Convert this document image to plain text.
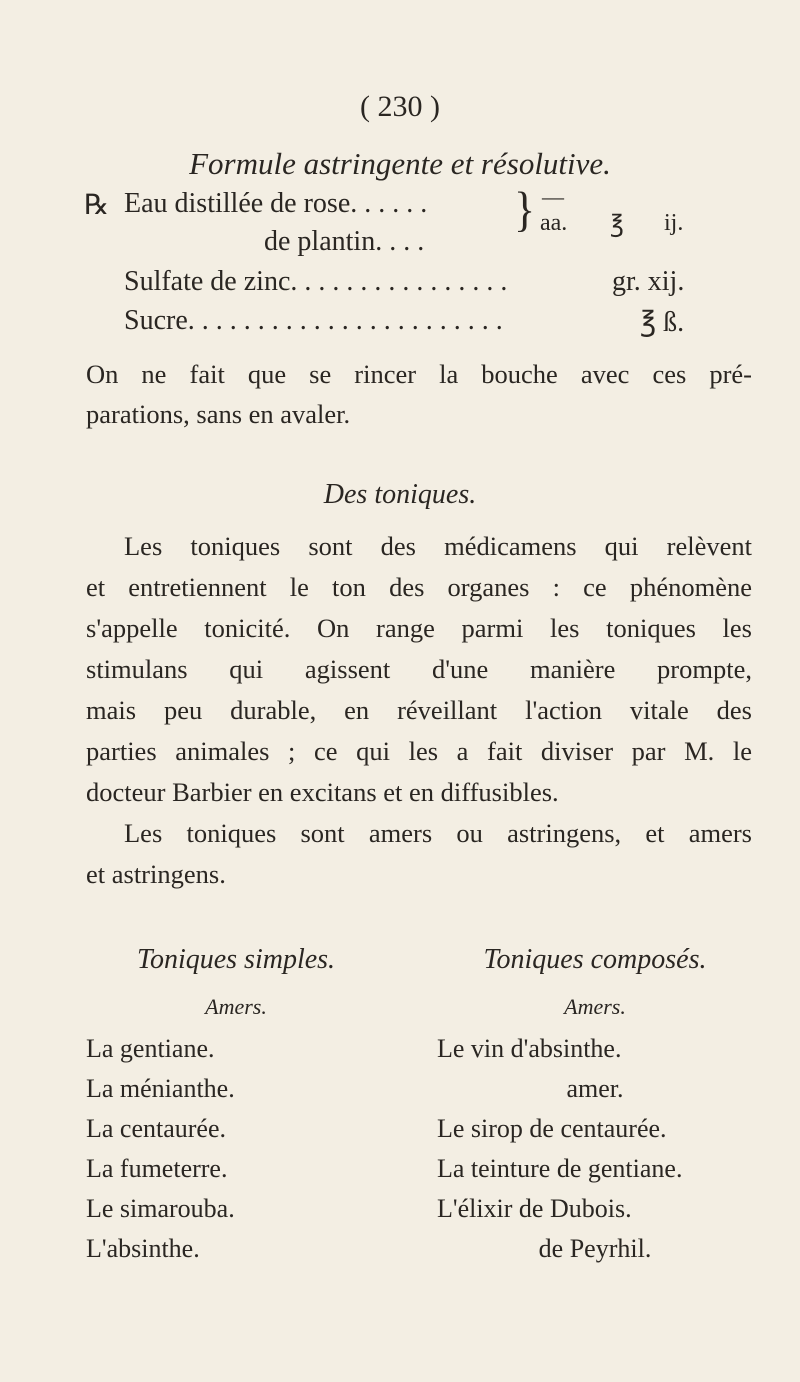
( 230 )
Formule astringente et résolutive.
℞ Eau distillée de rose. . . . . . } —
de plantin. . . .
aa. ℥ ij.
Sulfate de zinc. . . . . . . . . . . . . . . .	gr. xij.
Sucre. . . . . . . . . . . . . . . . . . . . . . .	℥ ß.
On ne fait que se rincer la bouche avec ces pré-
parations, sans en avaler.
Des toniques.
Les toniques sont des médicamens qui relèvent
et entretiennent le ton des organes : ce phénomène
s'appelle tonicité. On range parmi les toniques les
stimulans qui agissent d'une manière prompte,
mais peu durable, en réveillant l'action vitale des
parties animales ; ce qui les a fait diviser par M. le
docteur Barbier en excitans et en diffusibles.
Les toniques sont amers ou astringens, et amers
et astringens.
Toniques simples.
Amers.
La gentiane.
La ménianthe.
La centaurée.
La fumeterre.
Le simarouba.
L'absinthe.
Toniques composés.
Amers.
Le vin d'absinthe.
amer.
Le sirop de centaurée.
La teinture de gentiane.
L'élixir de Dubois.
de Peyrhil.
